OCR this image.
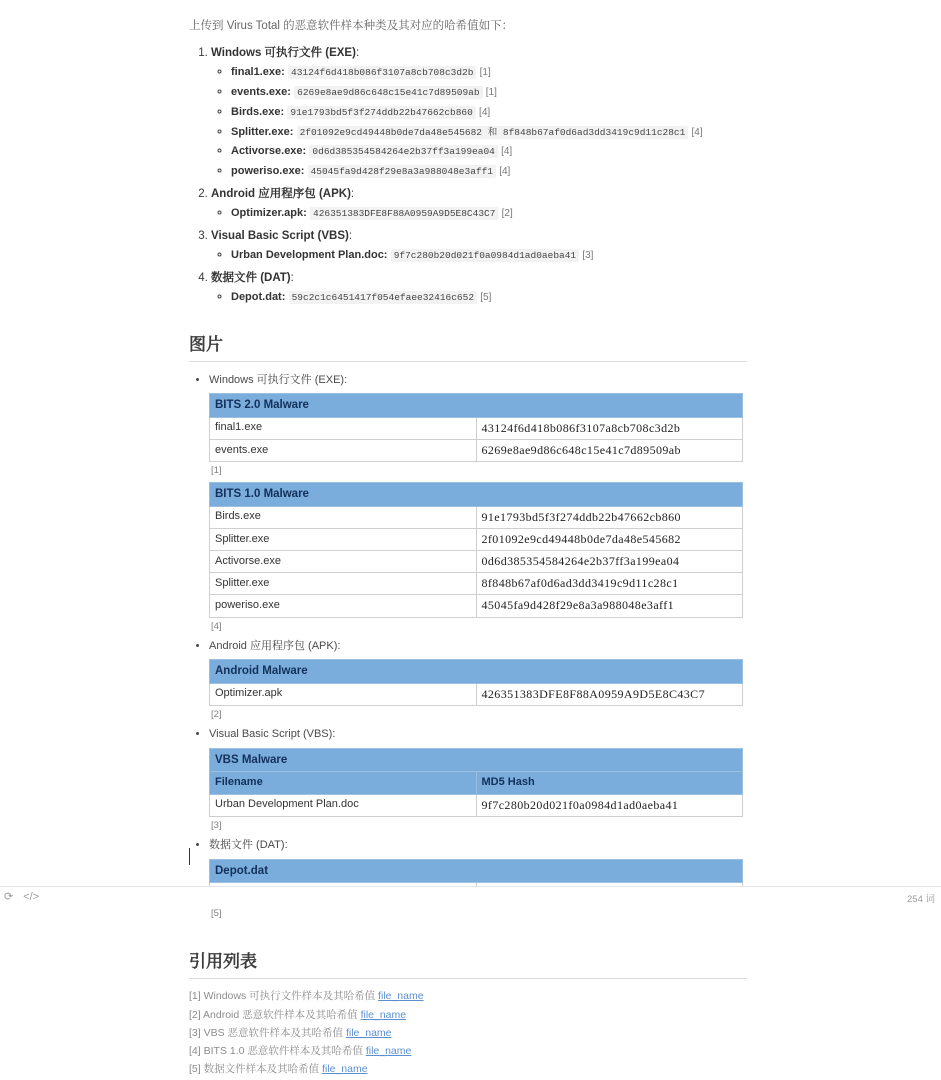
上传到 Virus Total 的恶意软件样本种类及其对应的哈希值如下：

1. Windows 可执行文件 (EXE):
◦ final1.exe: 43124f6d418b086f3107a8cb708c3d2b [1]
◦ events.exe: 6269e8ae9d86c648c15e41c7d89509ab [1]
◦ Birds.exe: 91e1793bd5f3f274ddb22b47662cb860 [4]
◦ Splitter.exe: 2f01092e9cd49448b0de7da48e545682 和 8f848b67af0d6ad3dd3419c9d11c28c1 [4]
◦ Activorse.exe: 0d6d385354584264e2b37ff3a199ea04 [4]
◦ poweriso.exe: 45045fa9d428f29e8a3a988048e3aff1 [4]
2. Android 应用程序包 (APK):
◦ Optimizer.apk: 426351383DFE8F88A0959A9D5E8C43C7 [2]
3. Visual Basic Script (VBS):
◦ Urban Development Plan.doc: 9f7c280b20d021f0a0984d1ad0aeba41 [3]
4. 数据文件 (DAT):
◦ Depot.dat: 59c2c1c6451417f054efaee32416c652 [5]
图片
• Windows 可执行文件 (EXE):
BITS 2.0 Malware	
final1.exe	43124f6d418b086f3107a8cb708c3d2b
events.exe	6269e8ae9d86c648c15e41c7d89509ab
[1]
BITS 1.0 Malware	
Birds.exe	91e1793bd5f3f274ddb22b47662cb860
Splitter.exe	2f01092e9cd49448b0de7da48e545682
Activorse.exe	0d6d385354584264e2b37ff3a199ea04
Splitter.exe	8f848b67af0d6ad3dd3419c9d11c28c1
poweriso.exe	45045fa9d428f29e8a3a988048e3aff1
[4]
• Android 应用程序包 (APK):
Android Malware
Optimizer.apk	426351383DFE8F88A0959A9D5E8C43C7
[2]
• Visual Basic Script (VBS):
VBS Malware	
Filename	MD5 Hash
Urban Development Plan.doc	9f7c280b20d021f0a0984d1ad0aeba41
[3]
• 数据文件 (DAT):
Depot.dat

[5]
引用列表
[1] Windows 可执行文件样本及其哈希值 file_name
[2] Android 恶意软件样本及其哈希值 file_name
[3] VBS 恶意软件样本及其哈希值 file_name
[4] BITS 1.0 恶意软件样本及其哈希值 file_name
[5] 数据文件样本及其哈希值 file_name
⟳ </>	254 词
